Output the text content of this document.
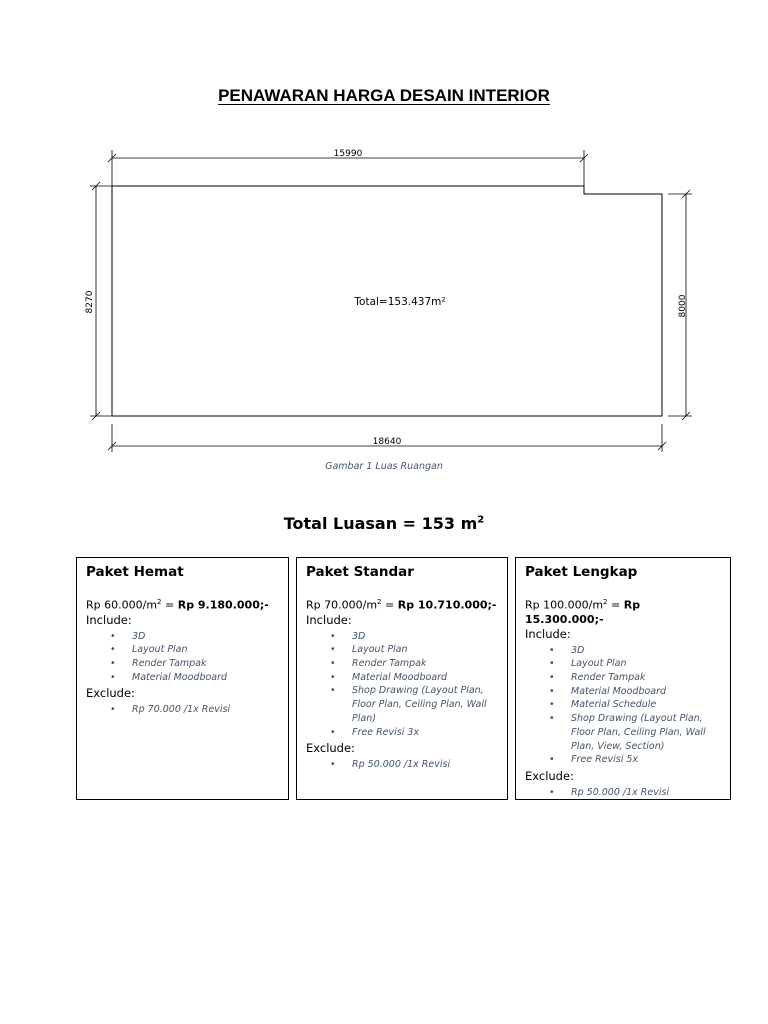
PENAWARAN HARGA DESAIN INTERIOR
15990
18640
8270	8000
Total=153.437m²
Gambar 1 Luas Ruangan
Total Luasan = 153 $m^2$
Paket Hemat
Rp $60.000/m^2 = Rp$ 9.180.000;-
Include:
• 3D
• Layout Plan
• Render Tampak
• Material Moodboard
Exclude:
• Rp 70.000 /1x Revisi
Paket Standar
Rp $70.000/m^2 = Rp$ 10.710.000;-
Include:
• 3D
• Layout Plan
• Render Tampak
• Material Moodboard
• Shop Drawing (Layout Plan, Floor Plan, Ceiling Plan, Wall Plan)
• Free Revisi 3x
Exclude:
• Rp 50.000 /1x Revisi
Paket Lengkap
Rp $100.000/m^2 = Rp$ 15.300.000;-
Include:
• 3D
• Layout Plan
• Render Tampak
• Material Moodboard
• Material Schedule
• Shop Drawing (Layout Plan, Floor Plan, Ceiling Plan, Wall Plan, View, Section)
• Free Revisi 5x
Exclude:
• Rp 50.000 /1x Revisi
